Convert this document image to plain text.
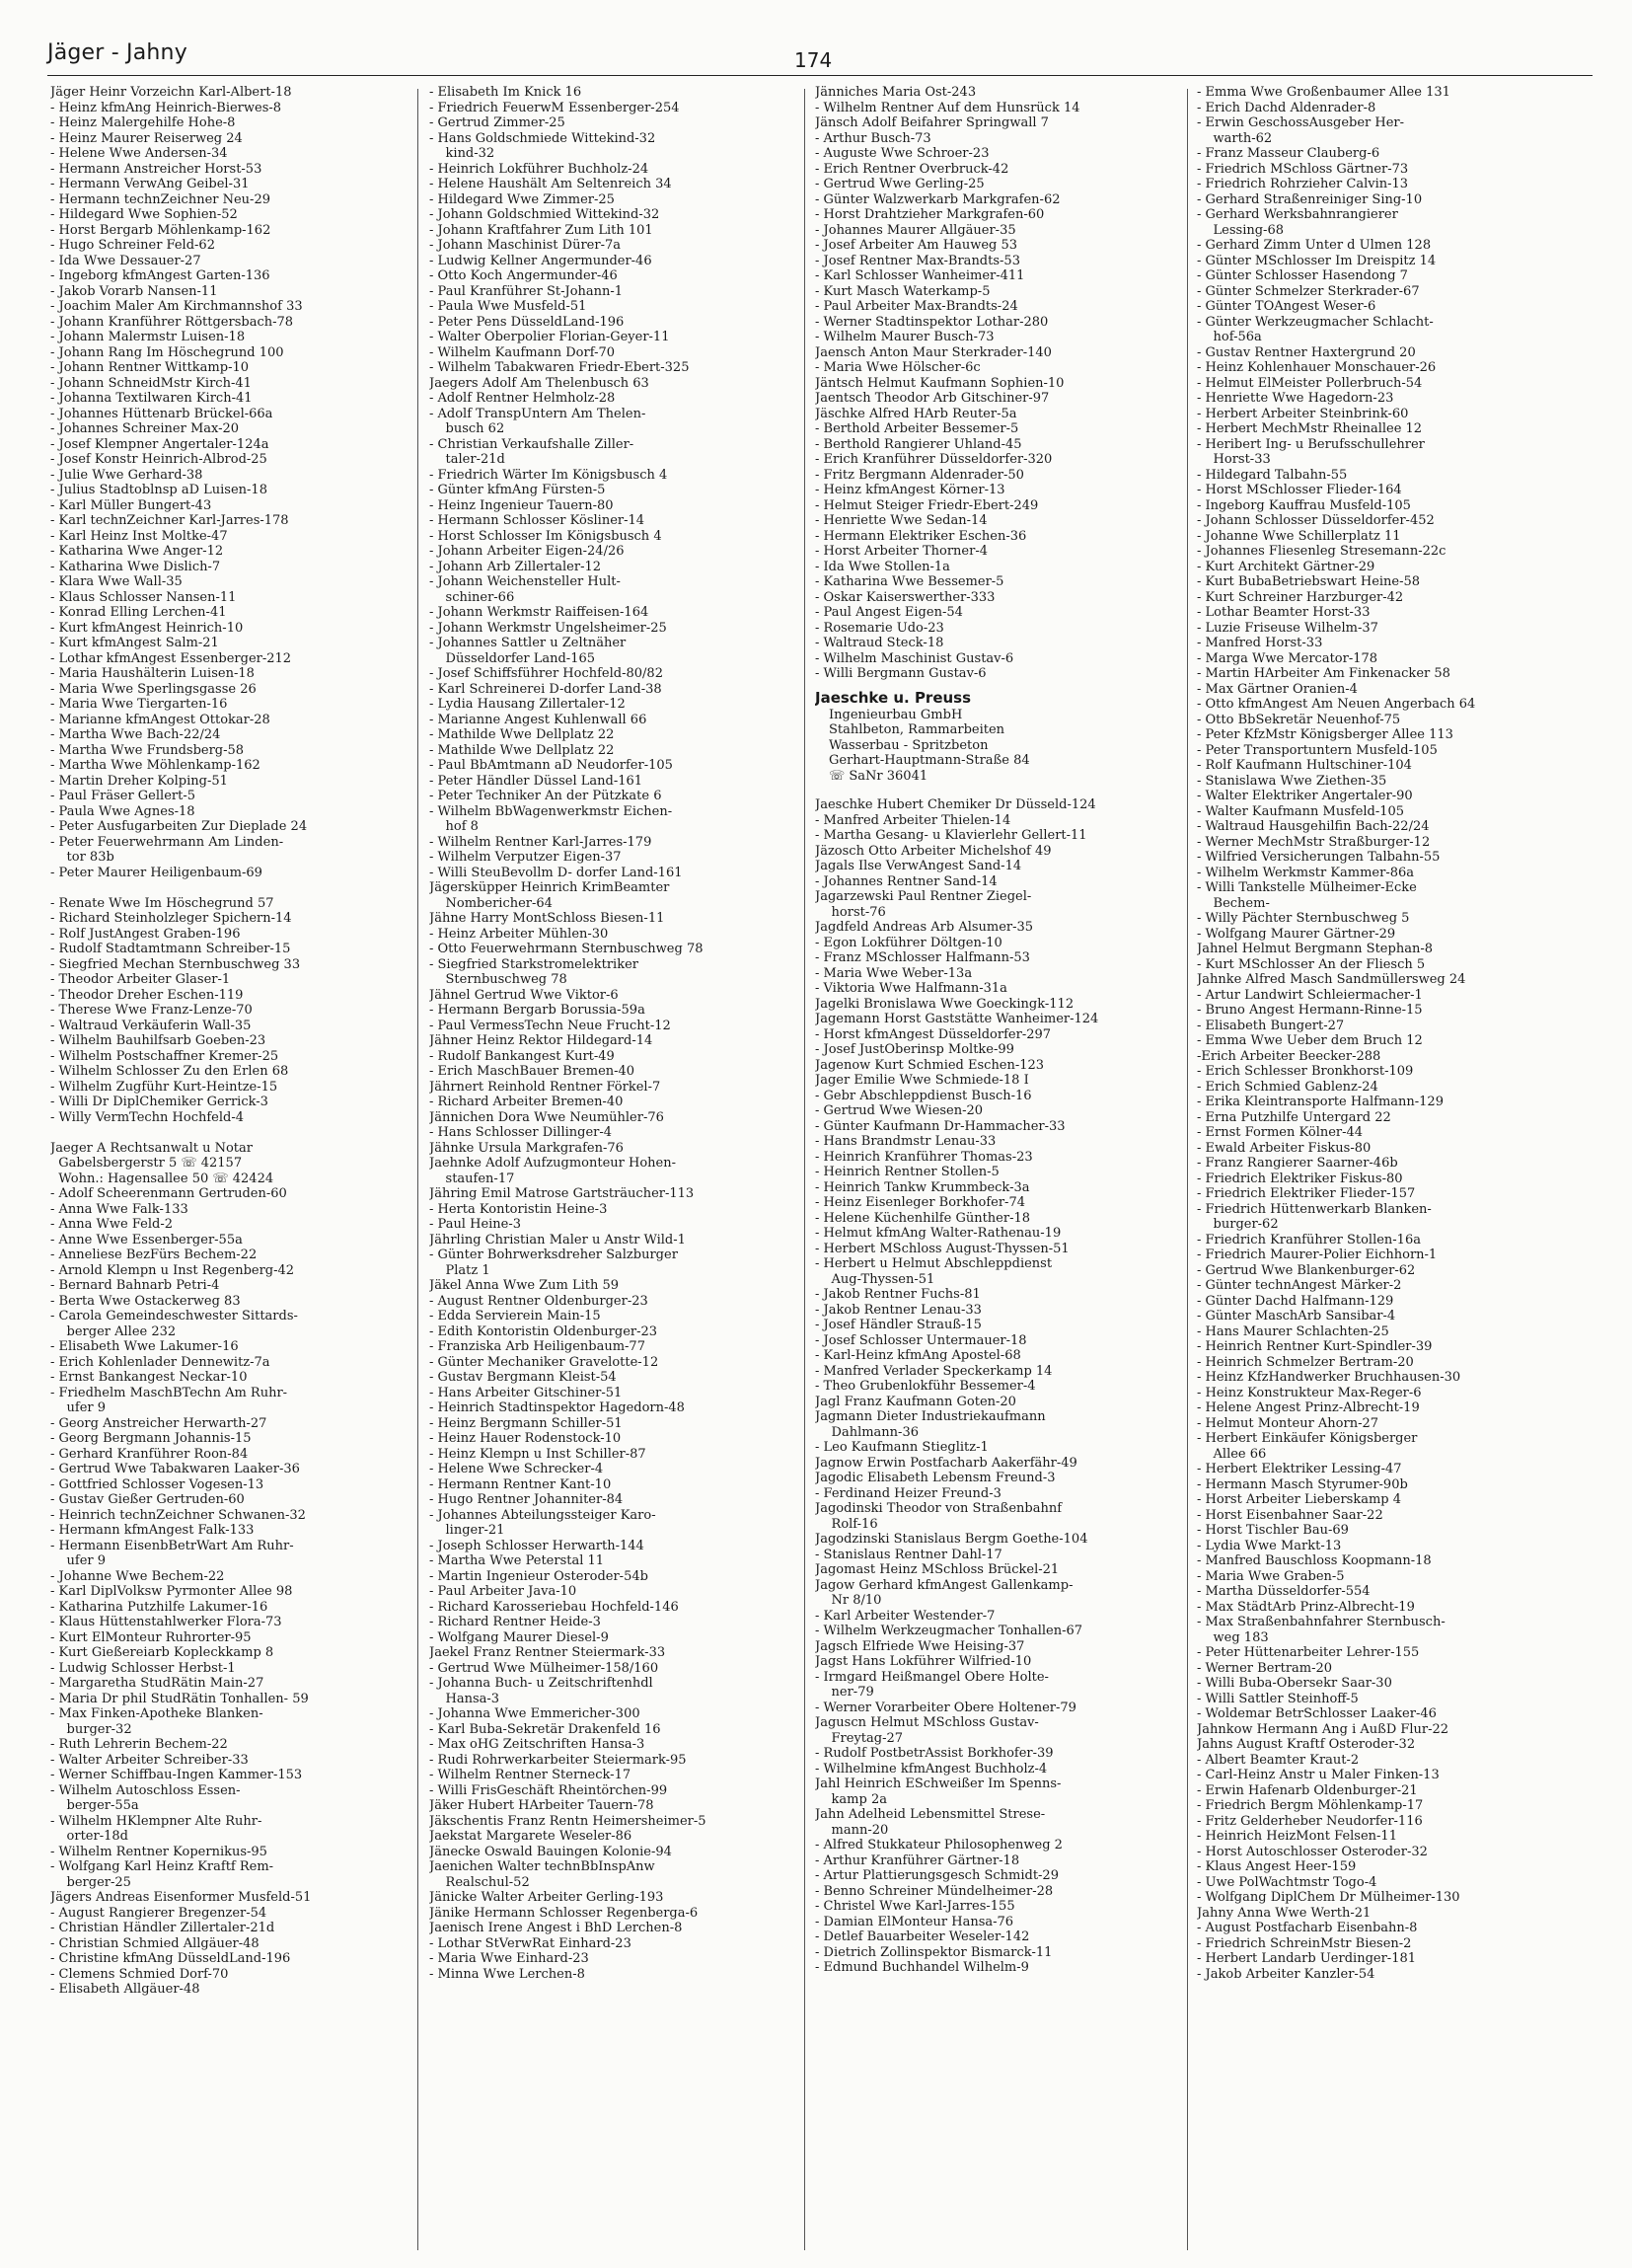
Jäger - Jahny	174
Jäger Heinr Vorzeichn Karl-Albert-18
- Heinz kfmAng Heinrich-Bierwes-8
- Heinz Malergehilfe Hohe-8
- Heinz Maurer Reiserweg 24
- Helene Wwe Andersen-34
- Hermann Anstreicher Horst-53
- Hermann VerwAng Geibel-31
- Hermann technZeichner Neu-29
- Hildegard Wwe Sophien-52
- Horst Bergarb Möhlenkamp-162
- Hugo Schreiner Feld-62
- Ida Wwe Dessauer-27
- Ingeborg kfmAngest Garten-136
- Jakob Vorarb Nansen-11
- Joachim Maler Am Kirchmannshof 33
- Johann Kranführer Röttgersbach-78
- Johann Malermstr Luisen-18
- Johann Rang Im Höschegrund 100
- Johann Rentner Wittkamp-10
- Johann SchneidMstr Kirch-41
- Johanna Textilwaren Kirch-41
- Johannes Hüttenarb Brückel-66a
- Johannes Schreiner Max-20
- Josef Klempner Angertaler-124a
- Josef Konstr Heinrich-Albrod-25
- Julie Wwe Gerhard-38
- Julius Stadtoblnsp aD Luisen-18
- Karl Müller Bungert-43
- Karl technZeichner Karl-Jarres-178
- Karl Heinz Inst Moltke-47
- Katharina Wwe Anger-12
- Katharina Wwe Dislich-7
- Klara Wwe Wall-35
- Klaus Schlosser Nansen-11
- Konrad Elling Lerchen-41
- Kurt kfmAngest Heinrich-10
- Kurt kfmAngest Salm-21
- Lothar kfmAngest Essenberger-212
- Maria Haushälterin Luisen-18
- Maria Wwe Sperlingsgasse 26
- Maria Wwe Tiergarten-16
- Marianne kfmAngest Ottokar-28
- Martha Wwe Bach-22/24
- Martha Wwe Frundsberg-58
- Martha Wwe Möhlenkamp-162
- Martin Dreher Kolping-51
- Paul Fräser Gellert-5
- Paula Wwe Agnes-18
- Peter Ausfugarbeiten Zur Dieplade 24
- Peter Feuerwehrmann Am Linden-
tor 83b
- Peter Maurer Heiligenbaum-69
- Renate Wwe Im Höschegrund 57
- Richard Steinholzleger Spichern-14
- Rolf JustAngest Graben-196
- Rudolf Stadtamtmann Schreiber-15
- Siegfried Mechan Sternbuschweg 33
- Theodor Arbeiter Glaser-1
- Theodor Dreher Eschen-119
- Therese Wwe Franz-Lenze-70
- Waltraud Verkäuferin Wall-35
- Wilhelm Bauhilfsarb Goeben-23
- Wilhelm Postschaffner Kremer-25
- Wilhelm Schlosser Zu den Erlen 68
- Wilhelm Zugführ Kurt-Heintze-15
- Willi Dr DiplChemiker Gerrick-3
- Willy VermTechn Hochfeld-4
Jaeger A Rechtsanwalt u Notar
Gabelsbergerstr 5 ☏ 42157
Wohn.: Hagensallee 50 ☏ 42424
- Adolf Scheerenmann Gertruden-60
- Anna Wwe Falk-133
- Anna Wwe Feld-2
- Anne Wwe Essenberger-55a
- Anneliese BezFürs Bechem-22
- Arnold Klempn u Inst Regenberg-42
- Bernard Bahnarb Petri-4
- Berta Wwe Ostackerweg 83
- Carola Gemeindeschwester Sittards-
berger Allee 232
- Elisabeth Wwe Lakumer-16
- Erich Kohlenlader Dennewitz-7a
- Ernst Bankangest Neckar-10
- Friedhelm MaschBTechn Am Ruhr-
ufer 9
- Georg Anstreicher Herwarth-27
- Georg Bergmann Johannis-15
- Gerhard Kranführer Roon-84
- Gertrud Wwe Tabakwaren Laaker-36
- Gottfried Schlosser Vogesen-13
- Gustav Gießer Gertruden-60
- Heinrich technZeichner Schwanen-32
- Hermann kfmAngest Falk-133
- Hermann EisenbBetrWart Am Ruhr-
ufer 9
- Johanne Wwe Bechem-22
- Karl DiplVolksw Pyrmonter Allee 98
- Katharina Putzhilfe Lakumer-16
- Klaus Hüttenstahlwerker Flora-73
- Kurt ElMonteur Ruhrorter-95
- Kurt Gießereiarb Kopleckkamp 8
- Ludwig Schlosser Herbst-1
- Margaretha StudRätin Main-27
- Maria Dr phil StudRätin Tonhallen- 59
- Max Finken-Apotheke Blanken-
burger-32
- Ruth Lehrerin Bechem-22
- Walter Arbeiter Schreiber-33
- Werner Schiffbau-Ingen Kammer-153
- Wilhelm Autoschloss Essen-
berger-55a
- Wilhelm HKlempner Alte Ruhr-
orter-18d
- Wilhelm Rentner Kopernikus-95
- Wolfgang Karl Heinz Kraftf Rem-
berger-25
Jägers Andreas Eisenformer Musfeld-51
- August Rangierer Bregenzer-54
- Christian Händler Zillertaler-21d
- Christian Schmied Allgäuer-48
- Christine kfmAng DüsseldLand-196
- Clemens Schmied Dorf-70
- Elisabeth Allgäuer-48
- Elisabeth Im Knick 16
- Friedrich FeuerwM Essenberger-254
- Gertrud Zimmer-25
- Hans Goldschmiede Wittekind-32
kind-32
- Heinrich Lokführer Buchholz-24
- Helene Haushält Am Seltenreich 34
- Hildegard Wwe Zimmer-25
- Johann Goldschmied Wittekind-32
- Johann Kraftfahrer Zum Lith 101
- Johann Maschinist Dürer-7a
- Ludwig Kellner Angermunder-46
- Otto Koch Angermunder-46
- Paul Kranführer St-Johann-1
- Paula Wwe Musfeld-51
- Peter Pens DüsseldLand-196
- Walter Oberpolier Florian-Geyer-11
- Wilhelm Kaufmann Dorf-70
- Wilhelm Tabakwaren Friedr-Ebert-325
Jaegers Adolf Am Thelenbusch 63
- Adolf Rentner Helmholz-28
- Adolf TranspUntern Am Thelen-
busch 62
- Christian Verkaufshalle Ziller-
taler-21d
- Friedrich Wärter Im Königsbusch 4
- Günter kfmAng Fürsten-5
- Heinz Ingenieur Tauern-80
- Hermann Schlosser Kösliner-14
- Horst Schlosser Im Königsbusch 4
- Johann Arbeiter Eigen-24/26
- Johann Arb Zillertaler-12
- Johann Weichensteller Hult-
schiner-66
- Johann Werkmstr Raiffeisen-164
- Johann Werkmstr Ungelsheimer-25
- Johannes Sattler u Zeltnäher
Düsseldorfer Land-165
- Josef Schiffsführer Hochfeld-80/82
- Karl Schreinerei D-dorfer Land-38
- Lydia Hausang Zillertaler-12
- Marianne Angest Kuhlenwall 66
- Mathilde Wwe Dellplatz 22
- Mathilde Wwe Dellplatz 22
- Paul BbAmtmann aD Neudorfer-105
- Peter Händler Düssel Land-161
- Peter Techniker An der Pützkate 6
- Wilhelm BbWagenwerkmstr Eichen-
hof 8
- Wilhelm Rentner Karl-Jarres-179
- Wilhelm Verputzer Eigen-37
- Willi SteuBevollm D- dorfer Land-161
Jägersküpper Heinrich KrimBeamter
Nombericher-64
Jähne Harry MontSchloss Biesen-11
- Heinz Arbeiter Mühlen-30
- Otto Feuerwehrmann Sternbuschweg 78
- Siegfried Starkstromelektriker
Sternbuschweg 78
Jähnel Gertrud Wwe Viktor-6
- Hermann Bergarb Borussia-59a
- Paul VermessTechn Neue Frucht-12
Jähner Heinz Rektor Hildegard-14
- Rudolf Bankangest Kurt-49
- Erich MaschBauer Bremen-40
Jährnert Reinhold Rentner Förkel-7
- Richard Arbeiter Bremen-40
Jännichen Dora Wwe Neumühler-76
- Hans Schlosser Dillinger-4
Jähnke Ursula Markgrafen-76
Jaehnke Adolf Aufzugmonteur Hohen-
staufen-17
Jähring Emil Matrose Gartsträucher-113
- Herta Kontoristin Heine-3
- Paul Heine-3
Jährling Christian Maler u Anstr Wild-1
- Günter Bohrwerksdreher Salzburger
Platz 1
Jäkel Anna Wwe Zum Lith 59
- August Rentner Oldenburger-23
- Edda Servierein Main-15
- Edith Kontoristin Oldenburger-23
- Franziska Arb Heiligenbaum-77
- Günter Mechaniker Gravelotte-12
- Gustav Bergmann Kleist-54
- Hans Arbeiter Gitschiner-51
- Heinrich Stadtinspektor Hagedorn-48
- Heinz Bergmann Schiller-51
- Heinz Hauer Rodenstock-10
- Heinz Klempn u Inst Schiller-87
- Helene Wwe Schrecker-4
- Hermann Rentner Kant-10
- Hugo Rentner Johanniter-84
- Johannes Abteilungssteiger Karo-
linger-21
- Joseph Schlosser Herwarth-144
- Martha Wwe Peterstal 11
- Martin Ingenieur Osteroder-54b
- Paul Arbeiter Java-10
- Richard Karosseriebau Hochfeld-146
- Richard Rentner Heide-3
- Wolfgang Maurer Diesel-9
Jaekel Franz Rentner Steiermark-33
- Gertrud Wwe Mülheimer-158/160
- Johanna Buch- u Zeitschriftenhdl
Hansa-3
- Johanna Wwe Emmericher-300
- Karl Buba-Sekretär Drakenfeld 16
- Max oHG Zeitschriften Hansa-3
- Rudi Rohrwerkarbeiter Steiermark-95
- Wilhelm Rentner Sterneck-17
- Willi FrisGeschäft Rheintörchen-99
Jäker Hubert HArbeiter Tauern-78
Jäkschentis Franz Rentn Heimersheimer-5
Jaekstat Margarete Weseler-86
Jänecke Oswald Bauingen Kolonie-94
Jaenichen Walter technBbInspAnw
Realschul-52
Jänicke Walter Arbeiter Gerling-193
Jänike Hermann Schlosser Regenberga-6
Jaenisch Irene Angest i BhD Lerchen-8
- Lothar StVerwRat Einhard-23
- Maria Wwe Einhard-23
- Minna Wwe Lerchen-8
Jänniches Maria Ost-243
- Wilhelm Rentner Auf dem Hunsrück 14
Jänsch Adolf Beifahrer Springwall 7
- Arthur Busch-73
- Auguste Wwe Schroer-23
- Erich Rentner Overbruck-42
- Gertrud Wwe Gerling-25
- Günter Walzwerkarb Markgrafen-62
- Horst Drahtzieher Markgrafen-60
- Johannes Maurer Allgäuer-35
- Josef Arbeiter Am Hauweg 53
- Josef Rentner Max-Brandts-53
- Karl Schlosser Wanheimer-411
- Kurt Masch Waterkamp-5
- Paul Arbeiter Max-Brandts-24
- Werner Stadtinspektor Lothar-280
- Wilhelm Maurer Busch-73
Jaensch Anton Maur Sterkrader-140
- Maria Wwe Hölscher-6c
Jäntsch Helmut Kaufmann Sophien-10
Jaentsch Theodor Arb Gitschiner-97
Jäschke Alfred HArb Reuter-5a
- Berthold Arbeiter Bessemer-5
- Berthold Rangierer Uhland-45
- Erich Kranführer Düsseldorfer-320
- Fritz Bergmann Aldenrader-50
- Heinz kfmAngest Körner-13
- Helmut Steiger Friedr-Ebert-249
- Henriette Wwe Sedan-14
- Hermann Elektriker Eschen-36
- Horst Arbeiter Thorner-4
- Ida Wwe Stollen-1a
- Katharina Wwe Bessemer-5
- Oskar Kaiserswerther-333
- Paul Angest Eigen-54
- Rosemarie Udo-23
- Waltraud Steck-18
- Wilhelm Maschinist Gustav-6
- Willi Bergmann Gustav-6
Jaeschke u. Preuss
Ingenieurbau GmbH
Stahlbeton, Rammarbeiten
Wasserbau - Spritzbeton
Gerhart-Hauptmann-Straße 84
☏ SaNr 36041
Jaeschke Hubert Chemiker Dr Düsseld-124
- Manfred Arbeiter Thielen-14
- Martha Gesang- u Klavierlehr Gellert-11
Jäzosch Otto Arbeiter Michelshof 49
Jagals Ilse VerwAngest Sand-14
- Johannes Rentner Sand-14
Jagarzewski Paul Rentner Ziegel-
horst-76
Jagdfeld Andreas Arb Alsumer-35
- Egon Lokführer Döltgen-10
- Franz MSchlosser Halfmann-53
- Maria Wwe Weber-13a
- Viktoria Wwe Halfmann-31a
Jagelki Bronislawa Wwe Goeckingk-112
Jagemann Horst Gaststätte Wanheimer-124
- Horst kfmAngest Düsseldorfer-297
- Josef JustOberinsp Moltke-99
Jagenow Kurt Schmied Eschen-123
Jager Emilie Wwe Schmiede-18 I
- Gebr Abschleppdienst Busch-16
- Gertrud Wwe Wiesen-20
- Günter Kaufmann Dr-Hammacher-33
- Hans Brandmstr Lenau-33
- Heinrich Kranführer Thomas-23
- Heinrich Rentner Stollen-5
- Heinrich Tankw Krummbeck-3a
- Heinz Eisenleger Borkhofer-74
- Helene Küchenhilfe Günther-18
- Helmut kfmAng Walter-Rathenau-19
- Herbert MSchloss August-Thyssen-51
- Herbert u Helmut Abschleppdienst
Aug-Thyssen-51
- Jakob Rentner Fuchs-81
- Jakob Rentner Lenau-33
- Josef Händler Strauß-15
- Josef Schlosser Untermauer-18
- Karl-Heinz kfmAng Apostel-68
- Manfred Verlader Speckerkamp 14
- Theo Grubenlokführ Bessemer-4
Jagl Franz Kaufmann Goten-20
Jagmann Dieter Industriekaufmann
Dahlmann-36
- Leo Kaufmann Stieglitz-1
Jagnow Erwin Postfacharb Aakerfähr-49
Jagodic Elisabeth Lebensm Freund-3
- Ferdinand Heizer Freund-3
Jagodinski Theodor von Straßenbahnf
Rolf-16
Jagodzinski Stanislaus Bergm Goethe-104
- Stanislaus Rentner Dahl-17
Jagomast Heinz MSchloss Brückel-21
Jagow Gerhard kfmAngest Gallenkamp-
Nr 8/10
- Karl Arbeiter Westender-7
- Wilhelm Werkzeugmacher Tonhallen-67
Jagsch Elfriede Wwe Heising-37
Jagst Hans Lokführer Wilfried-10
- Irmgard Heißmangel Obere Holte-
ner-79
- Werner Vorarbeiter Obere Holtener-79
Jaguscn Helmut MSchloss Gustav-
Freytag-27
- Rudolf PostbetrAssist Borkhofer-39
- Wilhelmine kfmAngest Buchholz-4
Jahl Heinrich ESchweißer Im Spenns-
kamp 2a
Jahn Adelheid Lebensmittel Strese-
mann-20
- Alfred Stukkateur Philosophenweg 2
- Arthur Kranführer Gärtner-18
- Artur Plattierungsgesch Schmidt-29
- Benno Schreiner Mündelheimer-28
- Christel Wwe Karl-Jarres-155
- Damian ElMonteur Hansa-76
- Detlef Bauarbeiter Weseler-142
- Dietrich Zollinspektor Bismarck-11
- Edmund Buchhandel Wilhelm-9
- Emma Wwe Großenbaumer Allee 131
- Erich Dachd Aldenrader-8
- Erwin GeschossAusgeber Her-
warth-62
- Franz Masseur Clauberg-6
- Friedrich MSchloss Gärtner-73
- Friedrich Rohrzieher Calvin-13
- Gerhard Straßenreiniger Sing-10
- Gerhard Werksbahnrangierer
Lessing-68
- Gerhard Zimm Unter d Ulmen 128
- Günter MSchlosser Im Dreispitz 14
- Günter Schlosser Hasendong 7
- Günter Schmelzer Sterkrader-67
- Günter TOAngest Weser-6
- Günter Werkzeugmacher Schlacht-
hof-56a
- Gustav Rentner Haxtergrund 20
- Heinz Kohlenhauer Monschauer-26
- Helmut ElMeister Pollerbruch-54
- Henriette Wwe Hagedorn-23
- Herbert Arbeiter Steinbrink-60
- Herbert MechMstr Rheinallee 12
- Heribert Ing- u Berufsschullehrer
Horst-33
- Hildegard Talbahn-55
- Horst MSchlosser Flieder-164
- Ingeborg Kauffrau Musfeld-105
- Johann Schlosser Düsseldorfer-452
- Johanne Wwe Schillerplatz 11
- Johannes Fliesenleg Stresemann-22c
- Kurt Architekt Gärtner-29
- Kurt BubaBetriebswart Heine-58
- Kurt Schreiner Harzburger-42
- Lothar Beamter Horst-33
- Luzie Friseuse Wilhelm-37
- Manfred Horst-33
- Marga Wwe Mercator-178
- Martin HArbeiter Am Finkenacker 58
- Max Gärtner Oranien-4
- Otto kfmAngest Am Neuen Angerbach 64
- Otto BbSekretär Neuenhof-75
- Peter KfzMstr Königsberger Allee 113
- Peter Transportuntern Musfeld-105
- Rolf Kaufmann Hultschiner-104
- Stanislawa Wwe Ziethen-35
- Walter Elektriker Angertaler-90
- Walter Kaufmann Musfeld-105
- Waltraud Hausgehilfin Bach-22/24
- Werner MechMstr Straßburger-12
- Wilfried Versicherungen Talbahn-55
- Wilhelm Werkmstr Kammer-86a
- Willi Tankstelle Mülheimer-Ecke
Bechem-
- Willy Pächter Sternbuschweg 5
- Wolfgang Maurer Gärtner-29
Jahnel Helmut Bergmann Stephan-8
- Kurt MSchlosser An der Fliesch 5
Jahnke Alfred Masch Sandmüllersweg 24
- Artur Landwirt Schleiermacher-1
- Bruno Angest Hermann-Rinne-15
- Elisabeth Bungert-27
- Emma Wwe Ueber dem Bruch 12
-Erich Arbeiter Beecker-288
- Erich Schlesser Bronkhorst-109
- Erich Schmied Gablenz-24
- Erika Kleintransporte Halfmann-129
- Erna Putzhilfe Untergard 22
- Ernst Formen Kölner-44
- Ewald Arbeiter Fiskus-80
- Franz Rangierer Saarner-46b
- Friedrich Elektriker Fiskus-80
- Friedrich Elektriker Flieder-157
- Friedrich Hüttenwerkarb Blanken-
burger-62
- Friedrich Kranführer Stollen-16a
- Friedrich Maurer-Polier Eichhorn-1
- Gertrud Wwe Blankenburger-62
- Günter technAngest Märker-2
- Günter Dachd Halfmann-129
- Günter MaschArb Sansibar-4
- Hans Maurer Schlachten-25
- Heinrich Rentner Kurt-Spindler-39
- Heinrich Schmelzer Bertram-20
- Heinz KfzHandwerker Bruchhausen-30
- Heinz Konstrukteur Max-Reger-6
- Helene Angest Prinz-Albrecht-19
- Helmut Monteur Ahorn-27
- Herbert Einkäufer Königsberger
Allee 66
- Herbert Elektriker Lessing-47
- Hermann Masch Styrumer-90b
- Horst Arbeiter Lieberskamp 4
- Horst Eisenbahner Saar-22
- Horst Tischler Bau-69
- Lydia Wwe Markt-13
- Manfred Bauschloss Koopmann-18
- Maria Wwe Graben-5
- Martha Düsseldorfer-554
- Max StädtArb Prinz-Albrecht-19
- Max Straßenbahnfahrer Sternbusch-
weg 183
- Peter Hüttenarbeiter Lehrer-155
- Werner Bertram-20
- Willi Buba-Obersekr Saar-30
- Willi Sattler Steinhoff-5
- Woldemar BetrSchlosser Laaker-46
Jahnkow Hermann Ang i AußD Flur-22
Jahns August Kraftf Osteroder-32
- Albert Beamter Kraut-2
- Carl-Heinz Anstr u Maler Finken-13
- Erwin Hafenarb Oldenburger-21
- Friedrich Bergm Möhlenkamp-17
- Fritz Gelderheber Neudorfer-116
- Heinrich HeizMont Felsen-11
- Horst Autoschlosser Osteroder-32
- Klaus Angest Heer-159
- Uwe PolWachtmstr Togo-4
- Wolfgang DiplChem Dr Mülheimer-130
Jahny Anna Wwe Werth-21
- August Postfacharb Eisenbahn-8
- Friedrich SchreinMstr Biesen-2
- Herbert Landarb Uerdinger-181
- Jakob Arbeiter Kanzler-54
